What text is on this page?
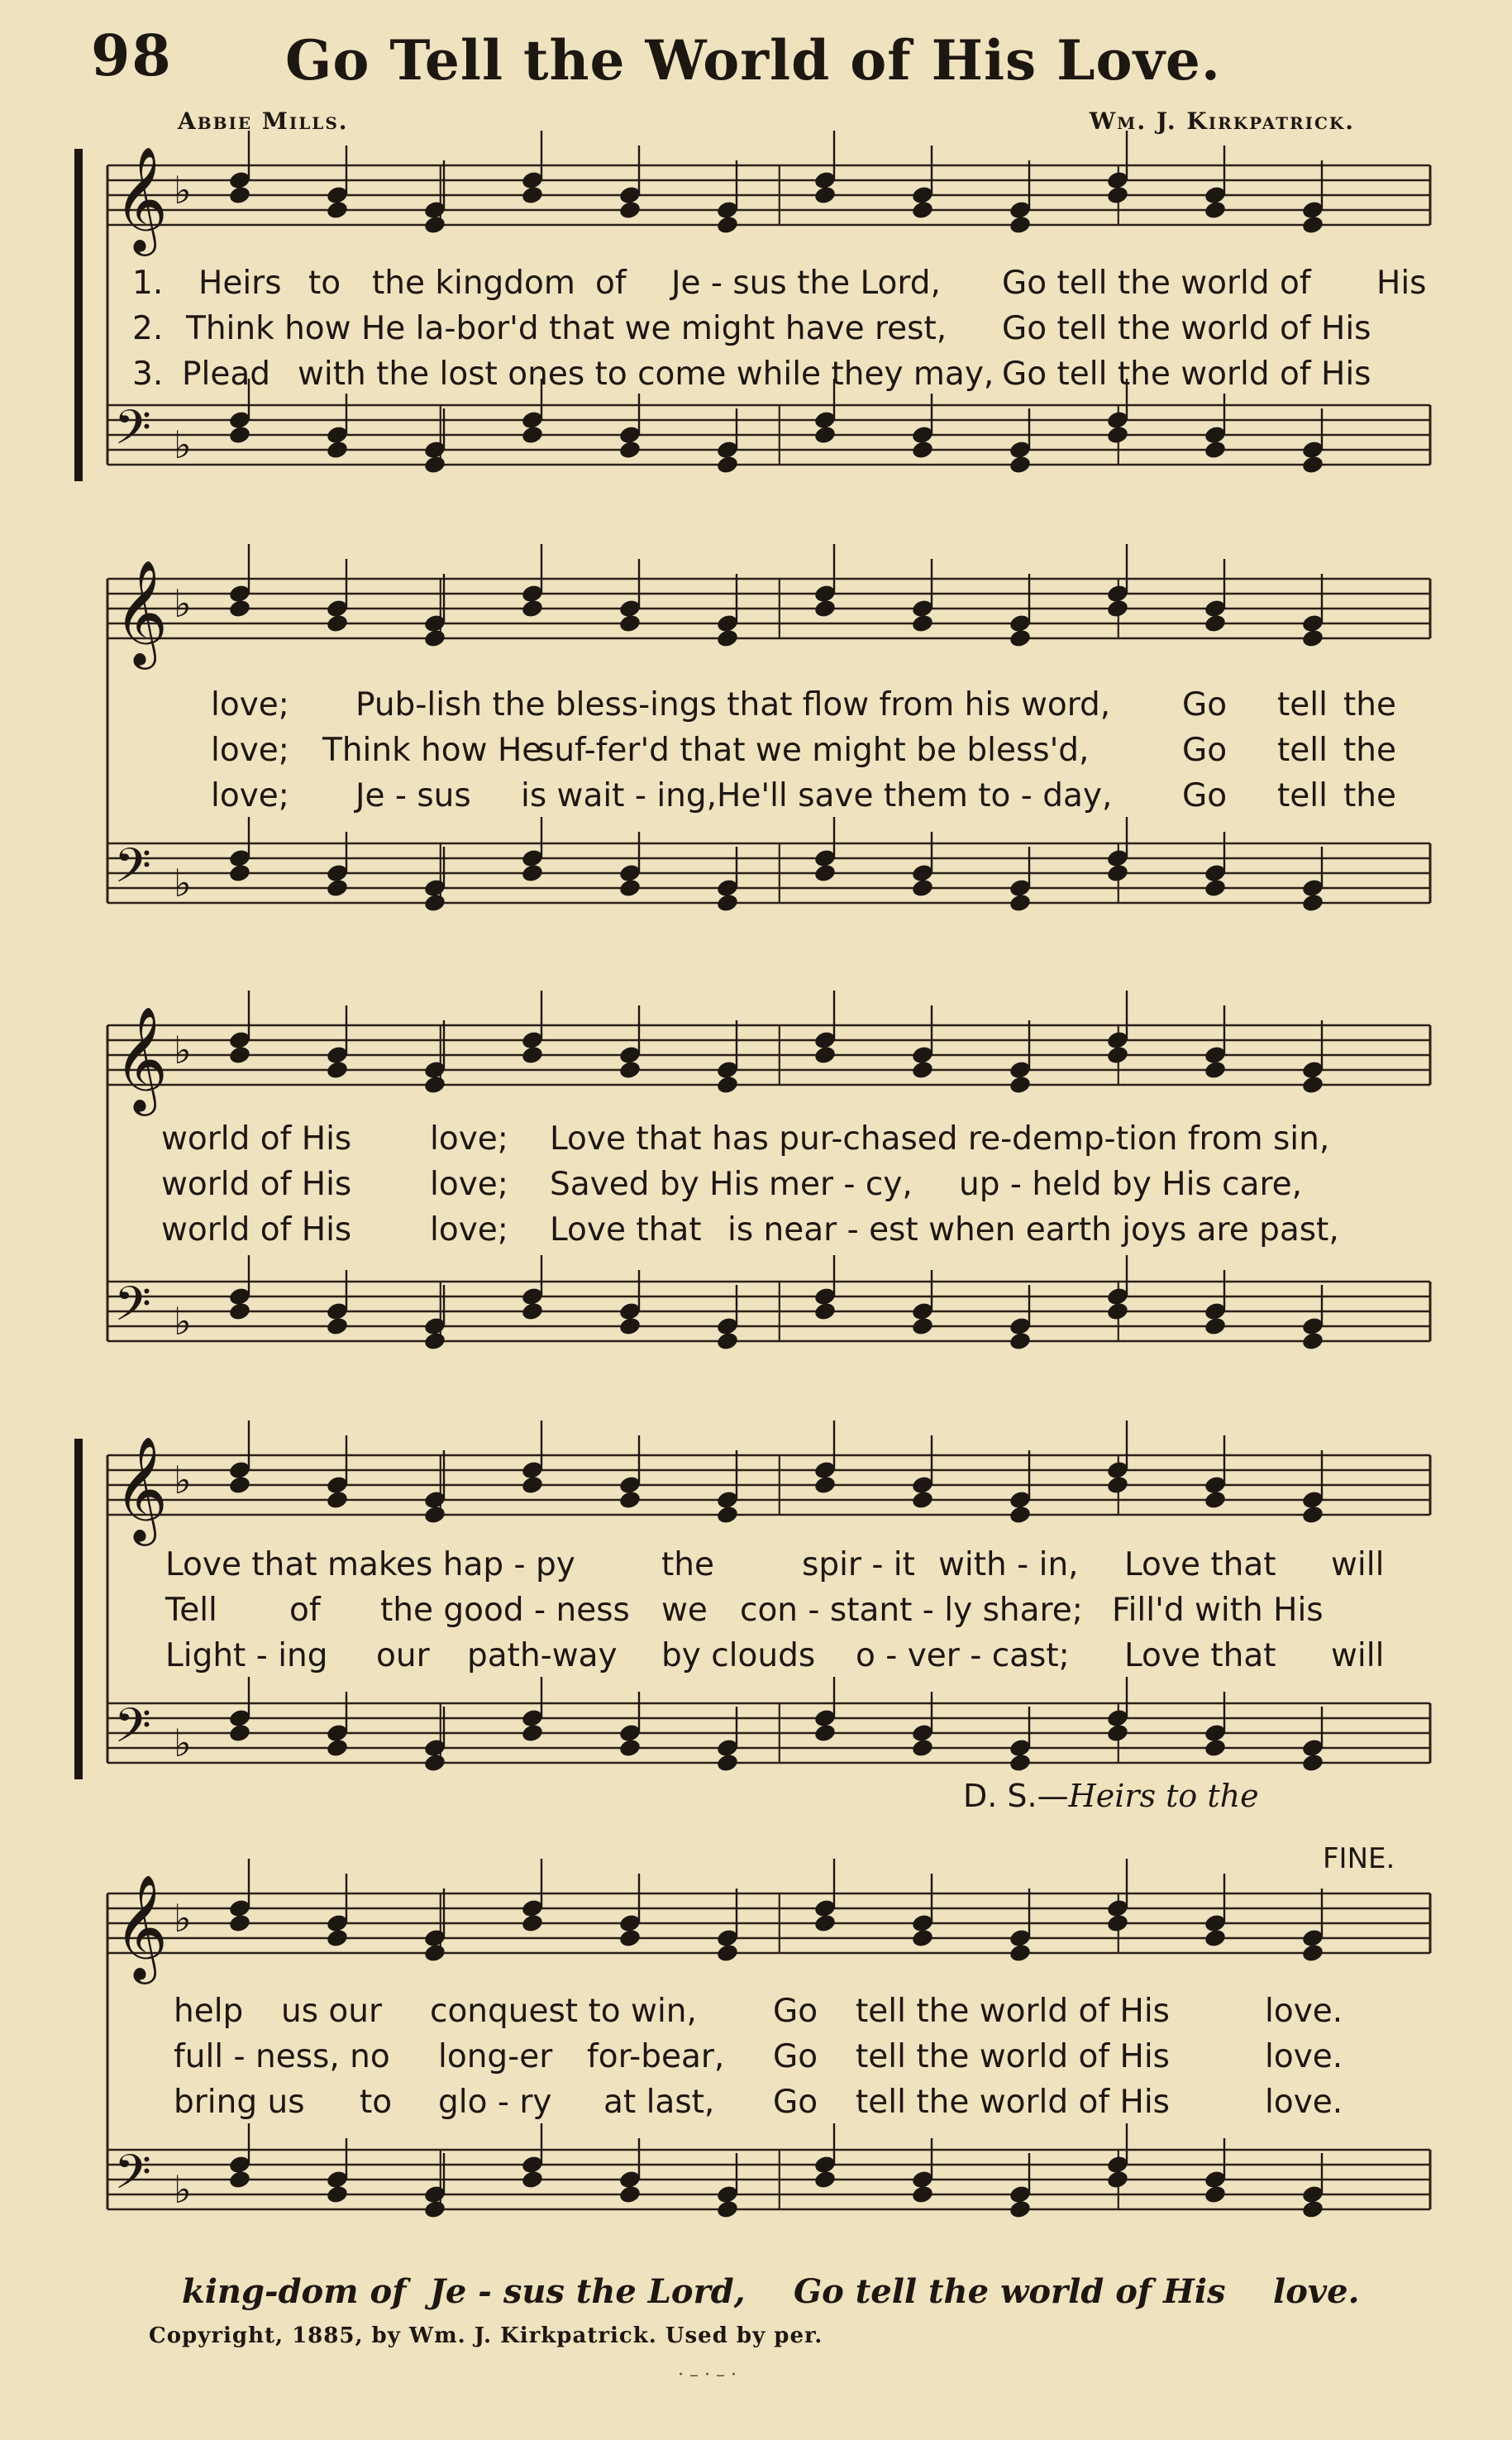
98 Go Tell the World of His Love.
Abbie Mills.	Wm. J. Kirkpatrick.
𝄞 ♭
𝄢 ♭
1. Heirs to the kingdom of Je - sus the Lord, Go tell the world of His
2. Think how He la-bor'd that we might have rest, Go tell the world of His
3. Plead with the lost ones to come while they may, Go tell the world of His
𝄞 ♭
𝄢 ♭
love; Pub-lish the bless-ings that flow from his word, Go tell the
love; Think how He
suf-fer'd that we might be bless'd,	Go tell the
love; Je - sus is wait - ing,He'll save them to - day, Go tell the
𝄞 ♭
𝄢 ♭
world of His love; Love that has pur-chased re-demp-tion from sin,
world of His love; Saved by His mer - cy, up - held by His care,
world of His love; Love that is near - est when earth joys are past,
𝄞 ♭
𝄢 ♭
Love that makes hap - py	the	spir - it with - in, Love that will
Tell of the good - ness we con - stant - ly share; Fill'd with His
Light - ing our path-way by clouds o - ver - cast; Love that will
D. S.—Heirs to the
FINE.
𝄞 ♭
𝄢 ♭
help us our conquest to win, Go tell the world of His	love.
full - ness, no long-er for-bear, Go tell the world of His	love.
bring us to glo - ry at last, Go tell the world of His	love.
king-dom of Je - sus the Lord, Go tell the world of His love.
Copyright, 1885, by Wm. J. Kirkpatrick. Used by per.
· – · – ·
